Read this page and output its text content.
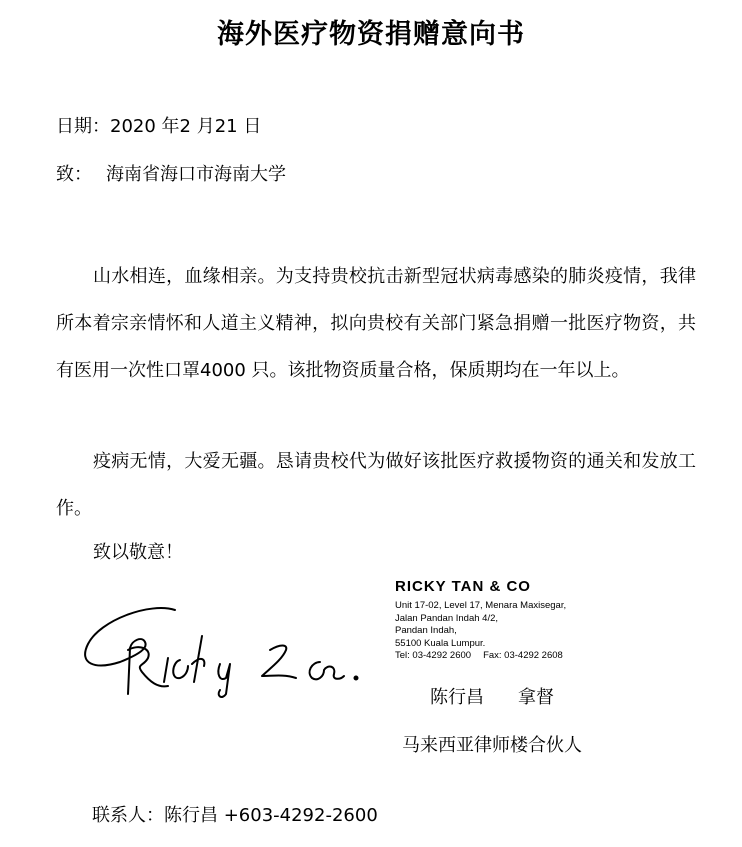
海外医疗物资捐赠意向书
日期：2020 年2 月21 日
致： 海南省海口市海南大学
山水相连，血缘相亲。为支持贵校抗击新型冠状病毒感染的肺炎疫情，我律所本着宗亲情怀和人道主义精神，拟向贵校有关部门紧急捐赠一批医疗物资，共有医用一次性口罩4000 只。该批物资质量合格，保质期均在一年以上。
疫病无情，大爱无疆。恳请贵校代为做好该批医疗救援物资的通关和发放工作。
致以敬意！
RICKY TAN & CO
Unit 17-02, Level 17, Menara Maxisegar,
Jalan Pandan Indah 4/2,
Pandan Indah,
55100 Kuala Lumpur.
Tel: 03-4292 2600 Fax: 03-4292 2608
陈行昌 拿督
马来西亚律师楼合伙人
联系人：陈行昌 +603-4292-2600
